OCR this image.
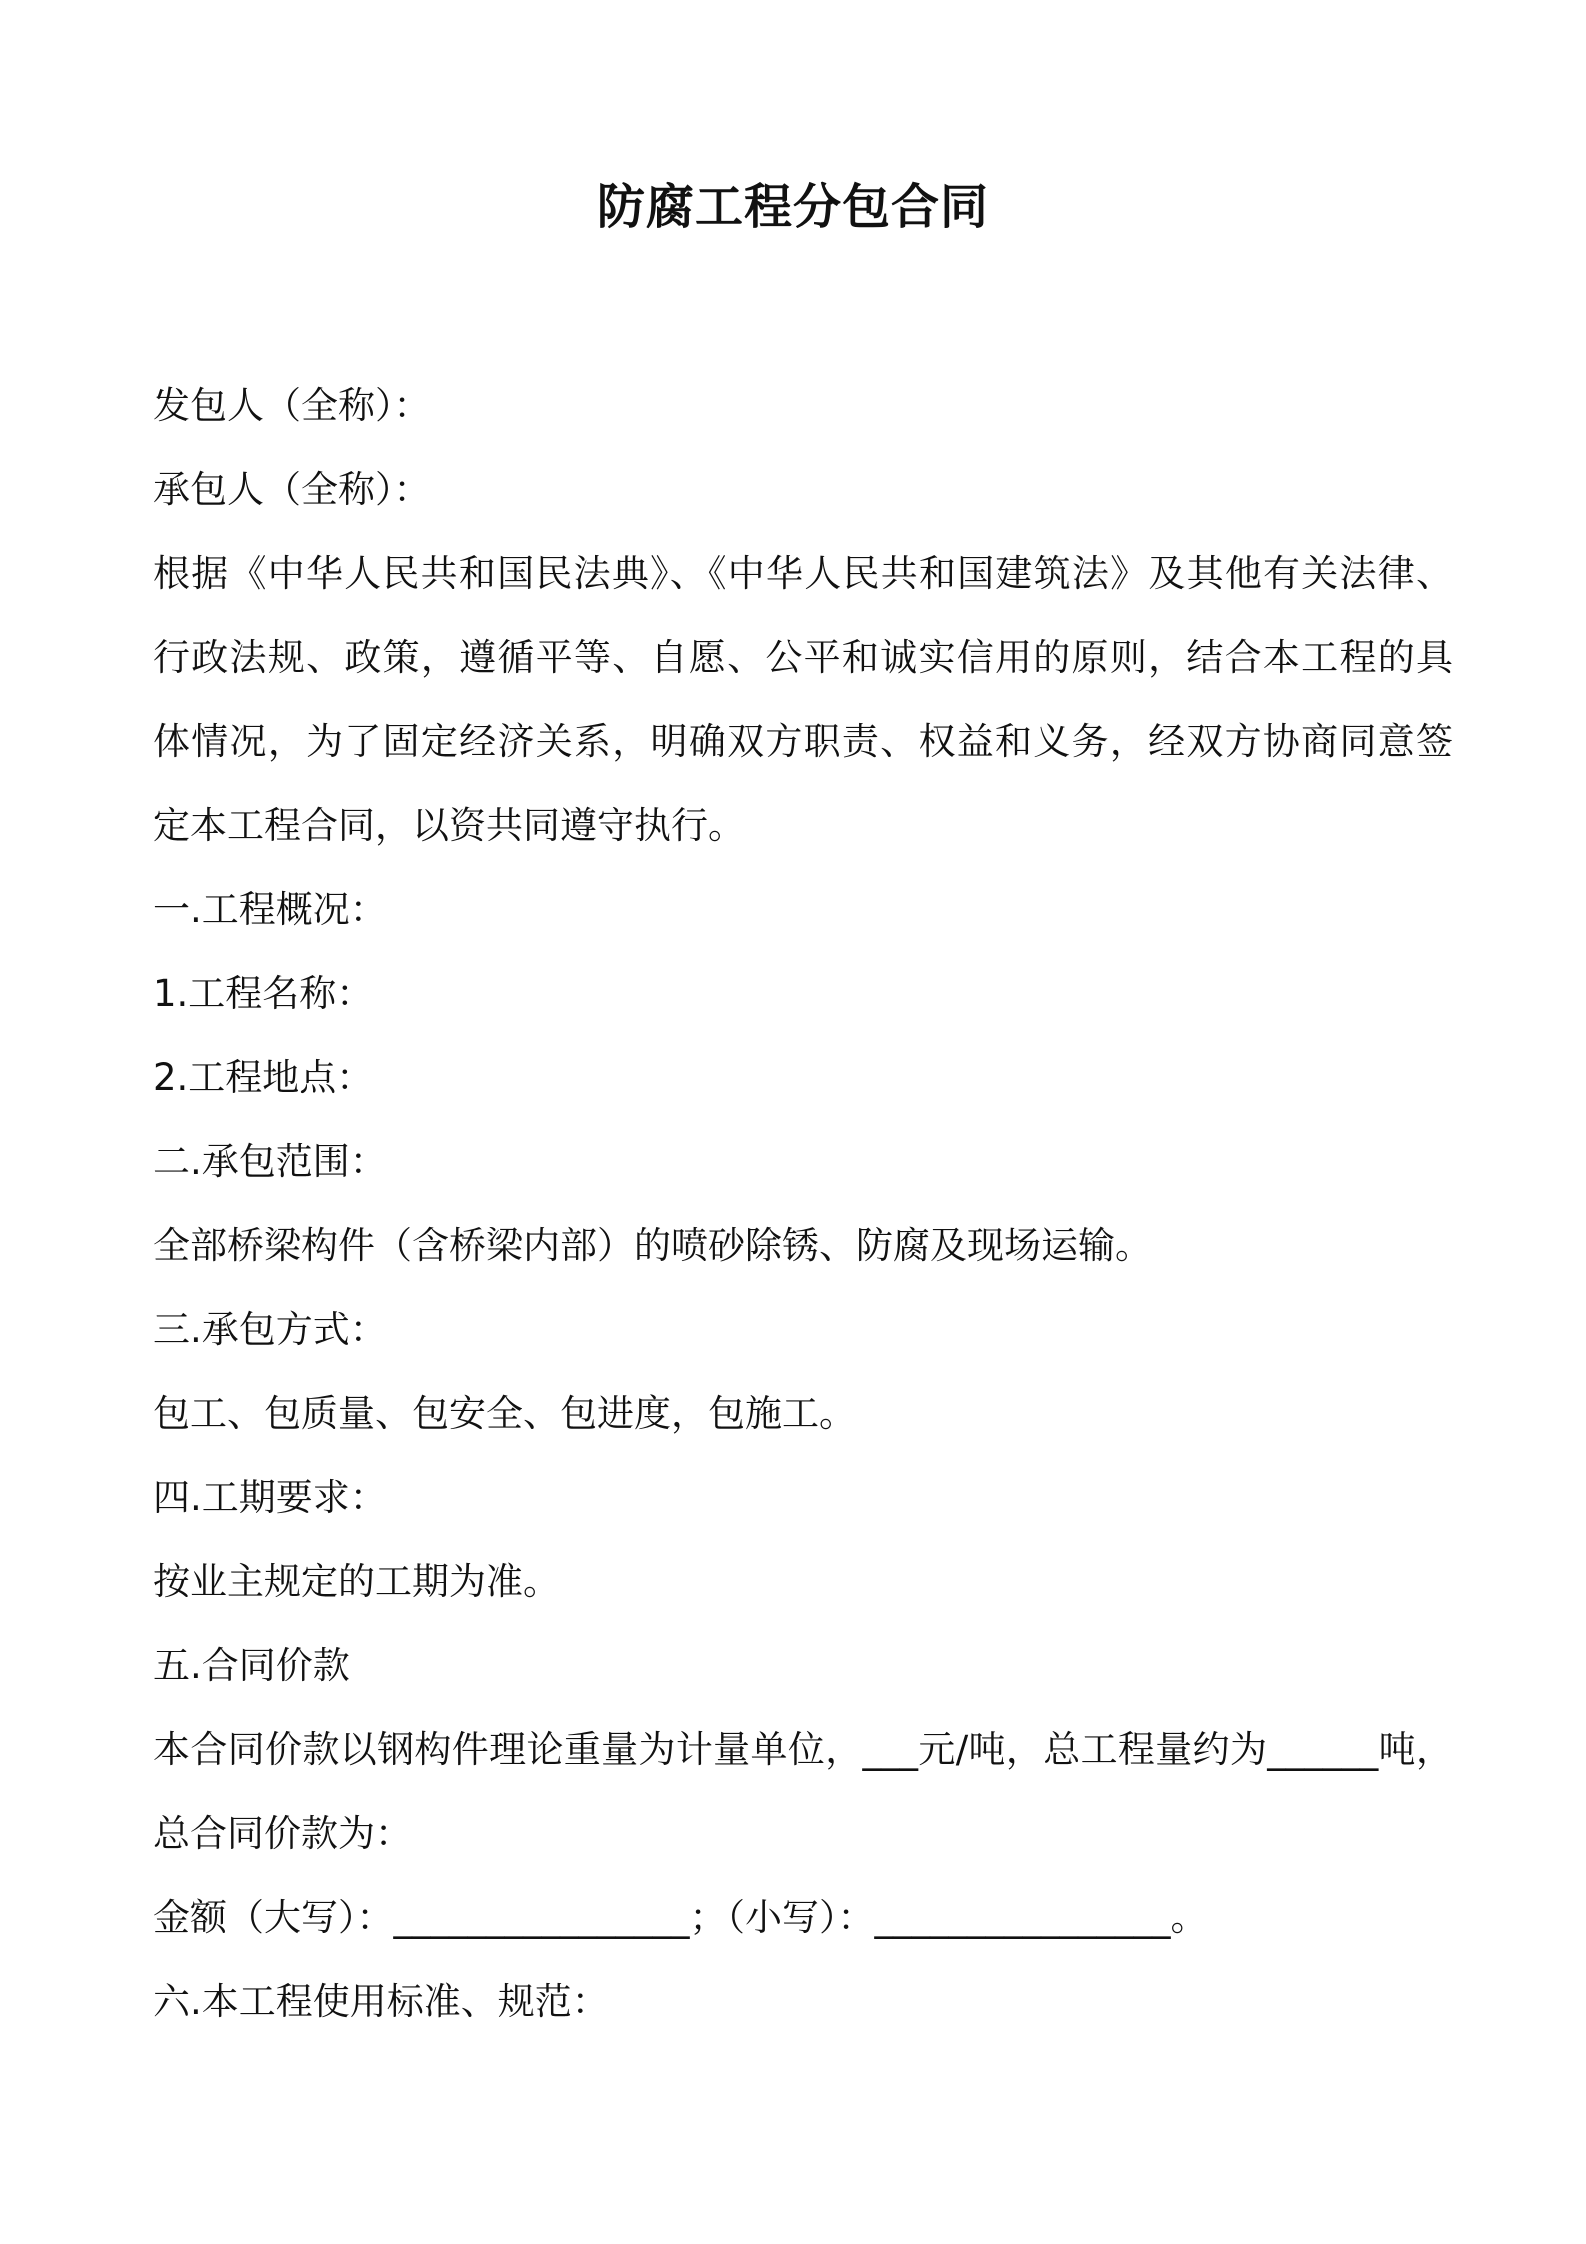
防腐工程分包合同
发包人（全称）：
承包人（全称）：
根据《中华人民共和国民法典》、《中华人民共和国建筑法》及其他有关法律、
行政法规、政策，遵循平等、自愿、公平和诚实信用的原则，结合本工程的具
体情况，为了固定经济关系，明确双方职责、权益和义务，经双方协商同意签
定本工程合同，以资共同遵守执行。
一.工程概况：
1.工程名称：
2.工程地点：
二.承包范围：
全部桥梁构件（含桥梁内部）的喷砂除锈、防腐及现场运输。
三.承包方式：
包工、包质量、包安全、包进度，包施工。
四.工期要求：
按业主规定的工期为准。
五.合同价款
本合同价款以钢构件理论重量为计量单位，___元/吨，总工程量约为______吨，
总合同价款为：
金额（大写）：________________；（小写）：________________。
六.本工程使用标准、规范：
